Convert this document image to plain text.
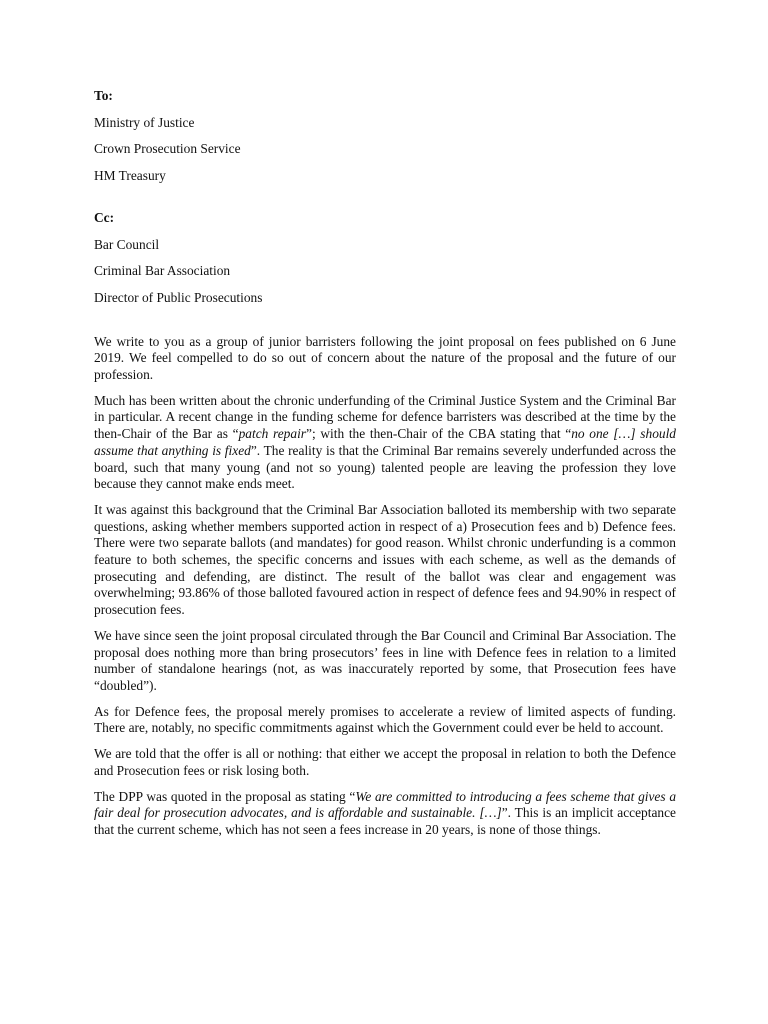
To:

Ministry of Justice

Crown Prosecution Service

HM Treasury

Cc:

Bar Council

Criminal Bar Association

Director of Public Prosecutions

We write to you as a group of junior barristers following the joint proposal on fees published on 6 June 2019. We feel compelled to do so out of concern about the nature of the proposal and the future of our profession.

Much has been written about the chronic underfunding of the Criminal Justice System and the Criminal Bar in particular. A recent change in the funding scheme for defence barristers was described at the time by the then-Chair of the Bar as “patch repair”; with the then-Chair of the CBA stating that “no one […] should assume that anything is fixed”. The reality is that the Criminal Bar remains severely underfunded across the board, such that many young (and not so young) talented people are leaving the profession they love because they cannot make ends meet.

It was against this background that the Criminal Bar Association balloted its membership with two separate questions, asking whether members supported action in respect of a) Prosecution fees and b) Defence fees. There were two separate ballots (and mandates) for good reason. Whilst chronic underfunding is a common feature to both schemes, the specific concerns and issues with each scheme, as well as the demands of prosecuting and defending, are distinct. The result of the ballot was clear and engagement was overwhelming; 93.86% of those balloted favoured action in respect of defence fees and 94.90% in respect of prosecution fees.

We have since seen the joint proposal circulated through the Bar Council and Criminal Bar Association. The proposal does nothing more than bring prosecutors’ fees in line with Defence fees in relation to a limited number of standalone hearings (not, as was inaccurately reported by some, that Prosecution fees have “doubled”).

As for Defence fees, the proposal merely promises to accelerate a review of limited aspects of funding. There are, notably, no specific commitments against which the Government could ever be held to account.

We are told that the offer is all or nothing: that either we accept the proposal in relation to both the Defence and Prosecution fees or risk losing both.

The DPP was quoted in the proposal as stating “We are committed to introducing a fees scheme that gives a fair deal for prosecution advocates, and is affordable and sustainable. […]”. This is an implicit acceptance that the current scheme, which has not seen a fees increase in 20 years, is none of those things.
